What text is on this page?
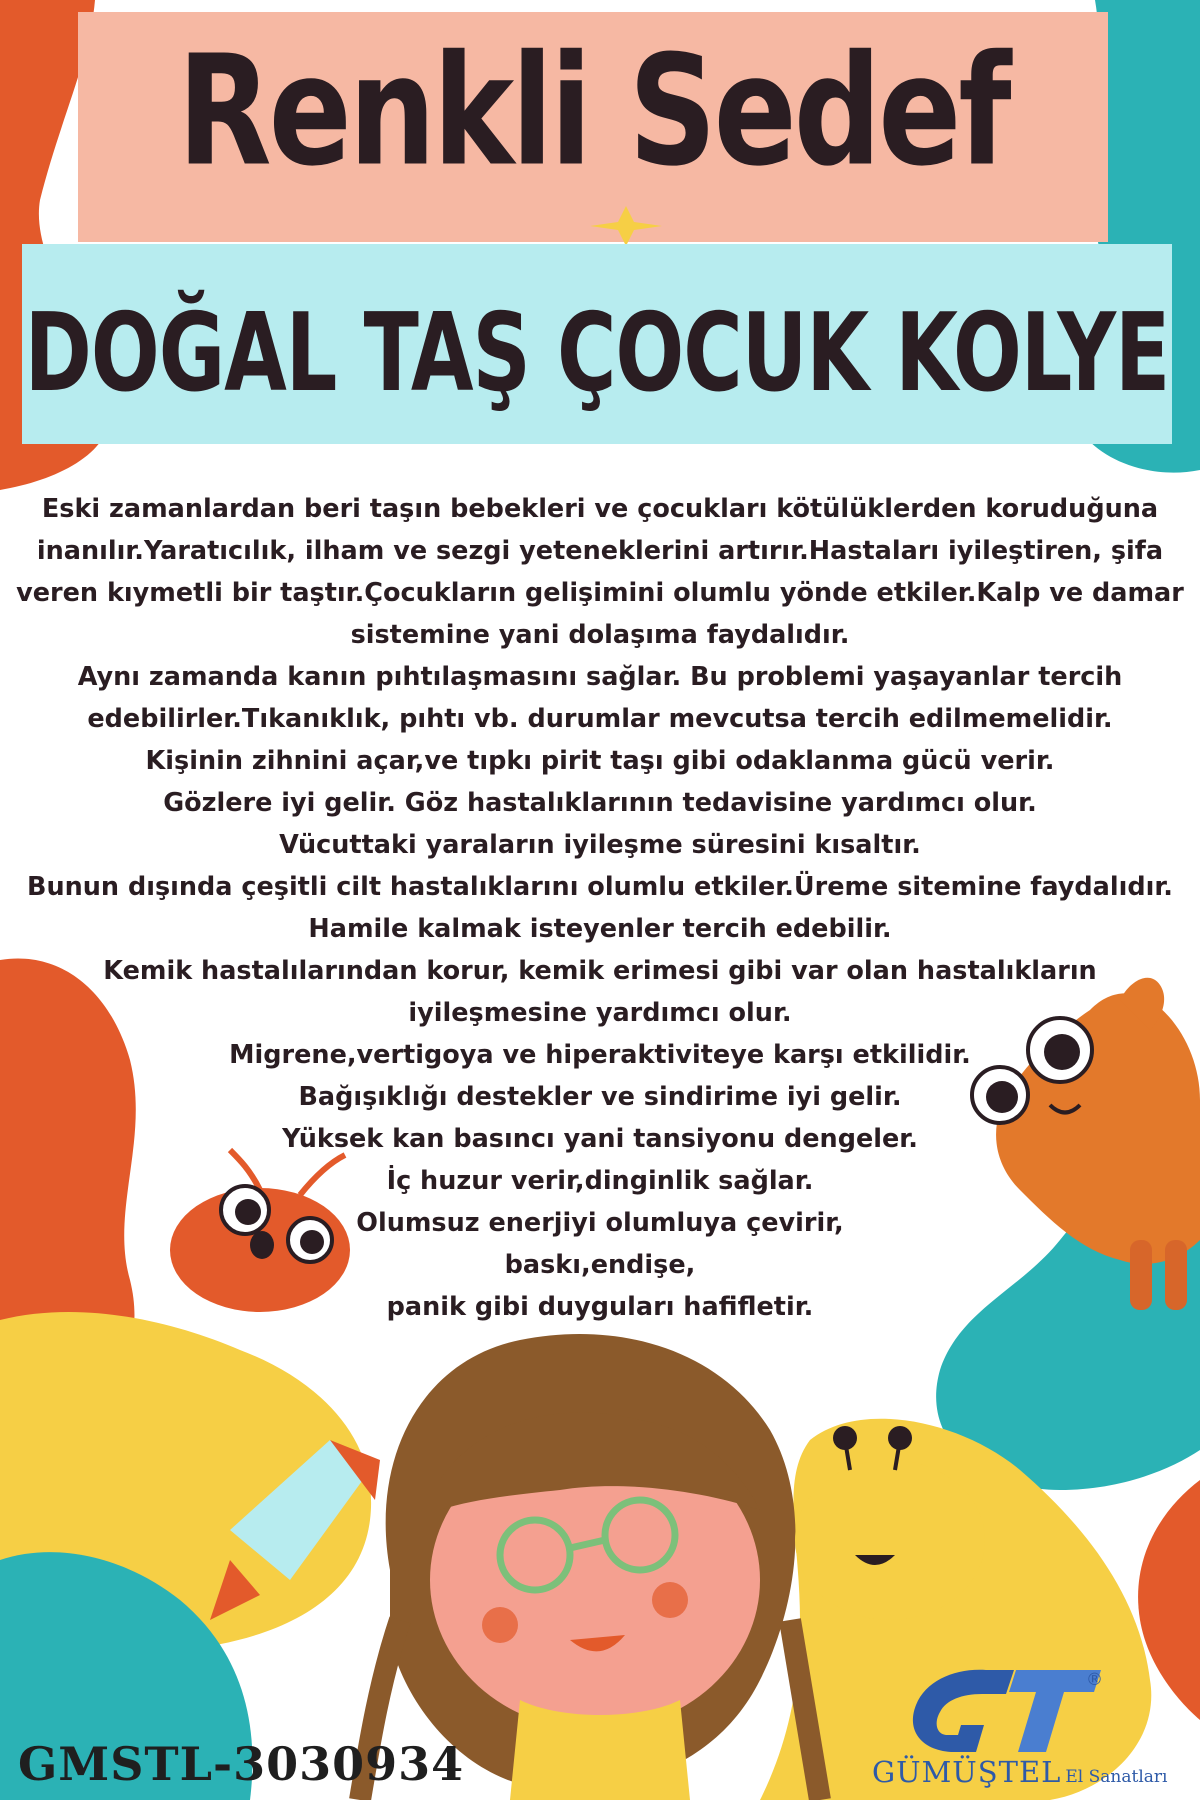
Renkli Sedef
DOĞAL TAŞ ÇOCUK KOLYE
Eski zamanlardan beri taşın bebekleri ve çocukları kötülüklerden koruduğuna
inanılır.Yaratıcılık, ilham ve sezgi yeteneklerini artırır.Hastaları iyileştiren, şifa
veren kıymetli bir taştır.Çocukların gelişimini olumlu yönde etkiler.Kalp ve damar
sistemine yani dolaşıma faydalıdır.
Aynı zamanda kanın pıhtılaşmasını sağlar. Bu problemi yaşayanlar tercih
edebilirler.Tıkanıklık, pıhtı vb. durumlar mevcutsa tercih edilmemelidir.
Kişinin zihnini açar,ve tıpkı pirit taşı gibi odaklanma gücü verir.
Gözlere iyi gelir. Göz hastalıklarının tedavisine yardımcı olur.
Vücuttaki yaraların iyileşme süresini kısaltır.
Bunun dışında çeşitli cilt hastalıklarını olumlu etkiler.Üreme sitemine faydalıdır.
Hamile kalmak isteyenler tercih edebilir.
Kemik hastalılarından korur, kemik erimesi gibi var olan hastalıkların
iyileşmesine yardımcı olur.
Migrene,vertigoya ve hiperaktiviteye karşı etkilidir.
Bağışıklığı destekler ve sindirime iyi gelir.
Yüksek kan basıncı yani tansiyonu dengeler.
İç huzur verir,dinginlik sağlar.
Olumsuz enerjiyi olumluya çevirir,
baskı,endişe,
panik gibi duyguları hafifletir.
GMSTL-3030934
®
GÜMÜŞTEL El Sanatları
